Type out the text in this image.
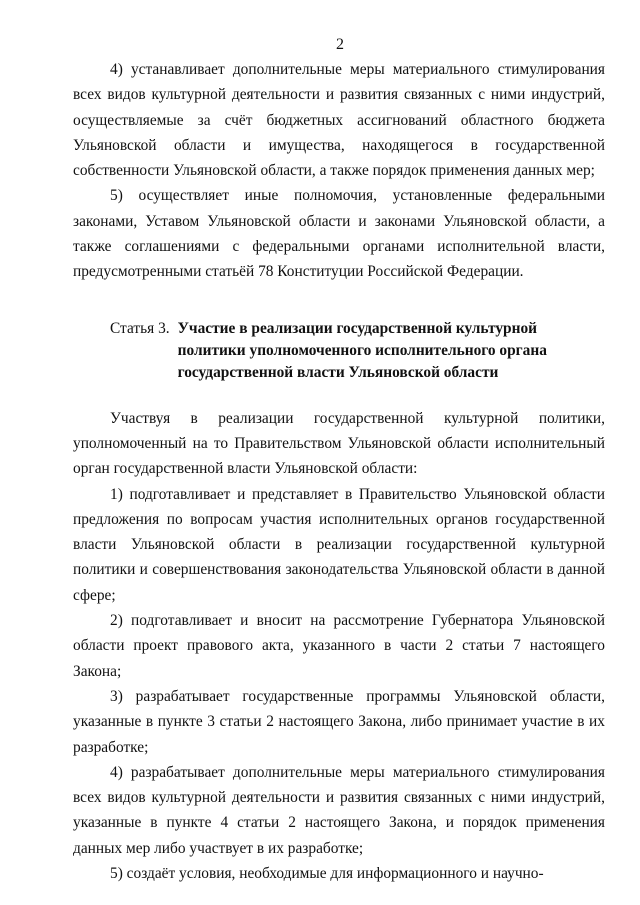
2

4) устанавливает дополнительные меры материального стимулирования всех видов культурной деятельности и развития связанных с ними индустрий, осуществляемые за счёт бюджетных ассигнований областного бюджета Ульяновской области и имущества, находящегося в государственной собственности Ульяновской области, а также порядок применения данных мер;

5) осуществляет иные полномочия, установленные федеральными законами, Уставом Ульяновской области и законами Ульяновской области, а также соглашениями с федеральными органами исполнительной власти, предусмотренными статьёй 78 Конституции Российской Федерации.

Статья 3. Участие в реализации государственной культурной политики уполномоченного исполнительного органа государственной власти Ульяновской области

Участвуя в реализации государственной культурной политики, уполномоченный на то Правительством Ульяновской области исполнительный орган государственной власти Ульяновской области:

1) подготавливает и представляет в Правительство Ульяновской области предложения по вопросам участия исполнительных органов государственной власти Ульяновской области в реализации государственной культурной политики и совершенствования законодательства Ульяновской области в данной сфере;

2) подготавливает и вносит на рассмотрение Губернатора Ульяновской области проект правового акта, указанного в части 2 статьи 7 настоящего Закона;

3) разрабатывает государственные программы Ульяновской области, указанные в пункте 3 статьи 2 настоящего Закона, либо принимает участие в их разработке;

4) разрабатывает дополнительные меры материального стимулирования всех видов культурной деятельности и развития связанных с ними индустрий, указанные в пункте 4 статьи 2 настоящего Закона, и порядок применения данных мер либо участвует в их разработке;

5) создаёт условия, необходимые для информационного и научно-
